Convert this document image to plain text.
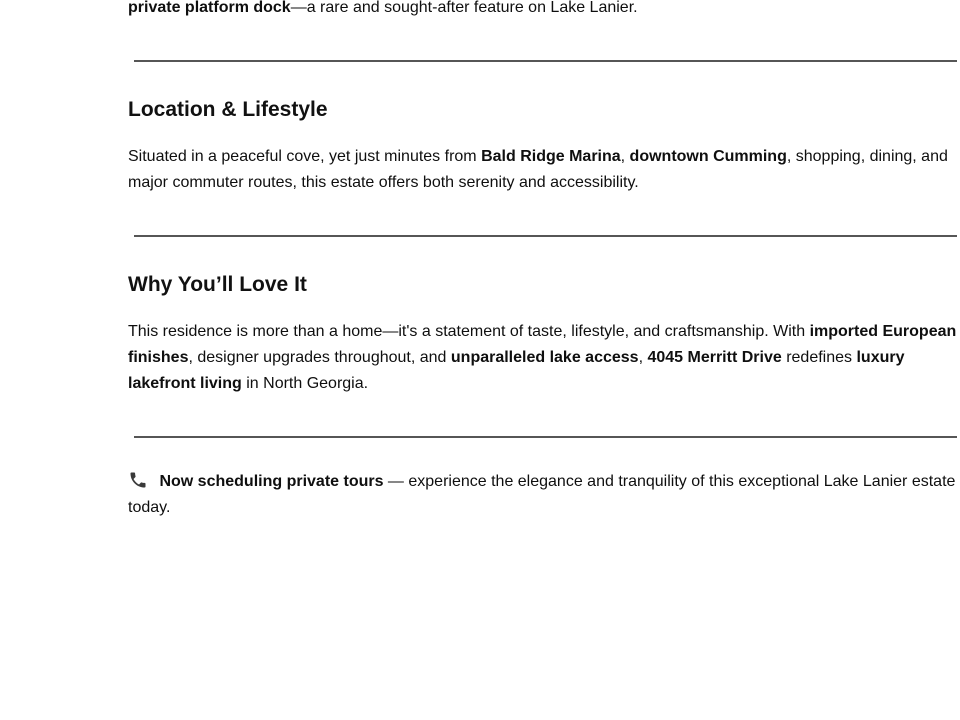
private platform dock—a rare and sought-after feature on Lake Lanier.

Location & Lifestyle

Situated in a peaceful cove, yet just minutes from Bald Ridge Marina, downtown Cumming, shopping, dining, and major commuter routes, this estate offers both serenity and accessibility.

Why You’ll Love It

This residence is more than a home—it's a statement of taste, lifestyle, and craftsmanship. With imported European finishes, designer upgrades throughout, and unparalleled lake access, 4045 Merritt Drive redefines luxury lakefront living in North Georgia.

Now scheduling private tours — experience the elegance and tranquility of this exceptional Lake Lanier estate today.
